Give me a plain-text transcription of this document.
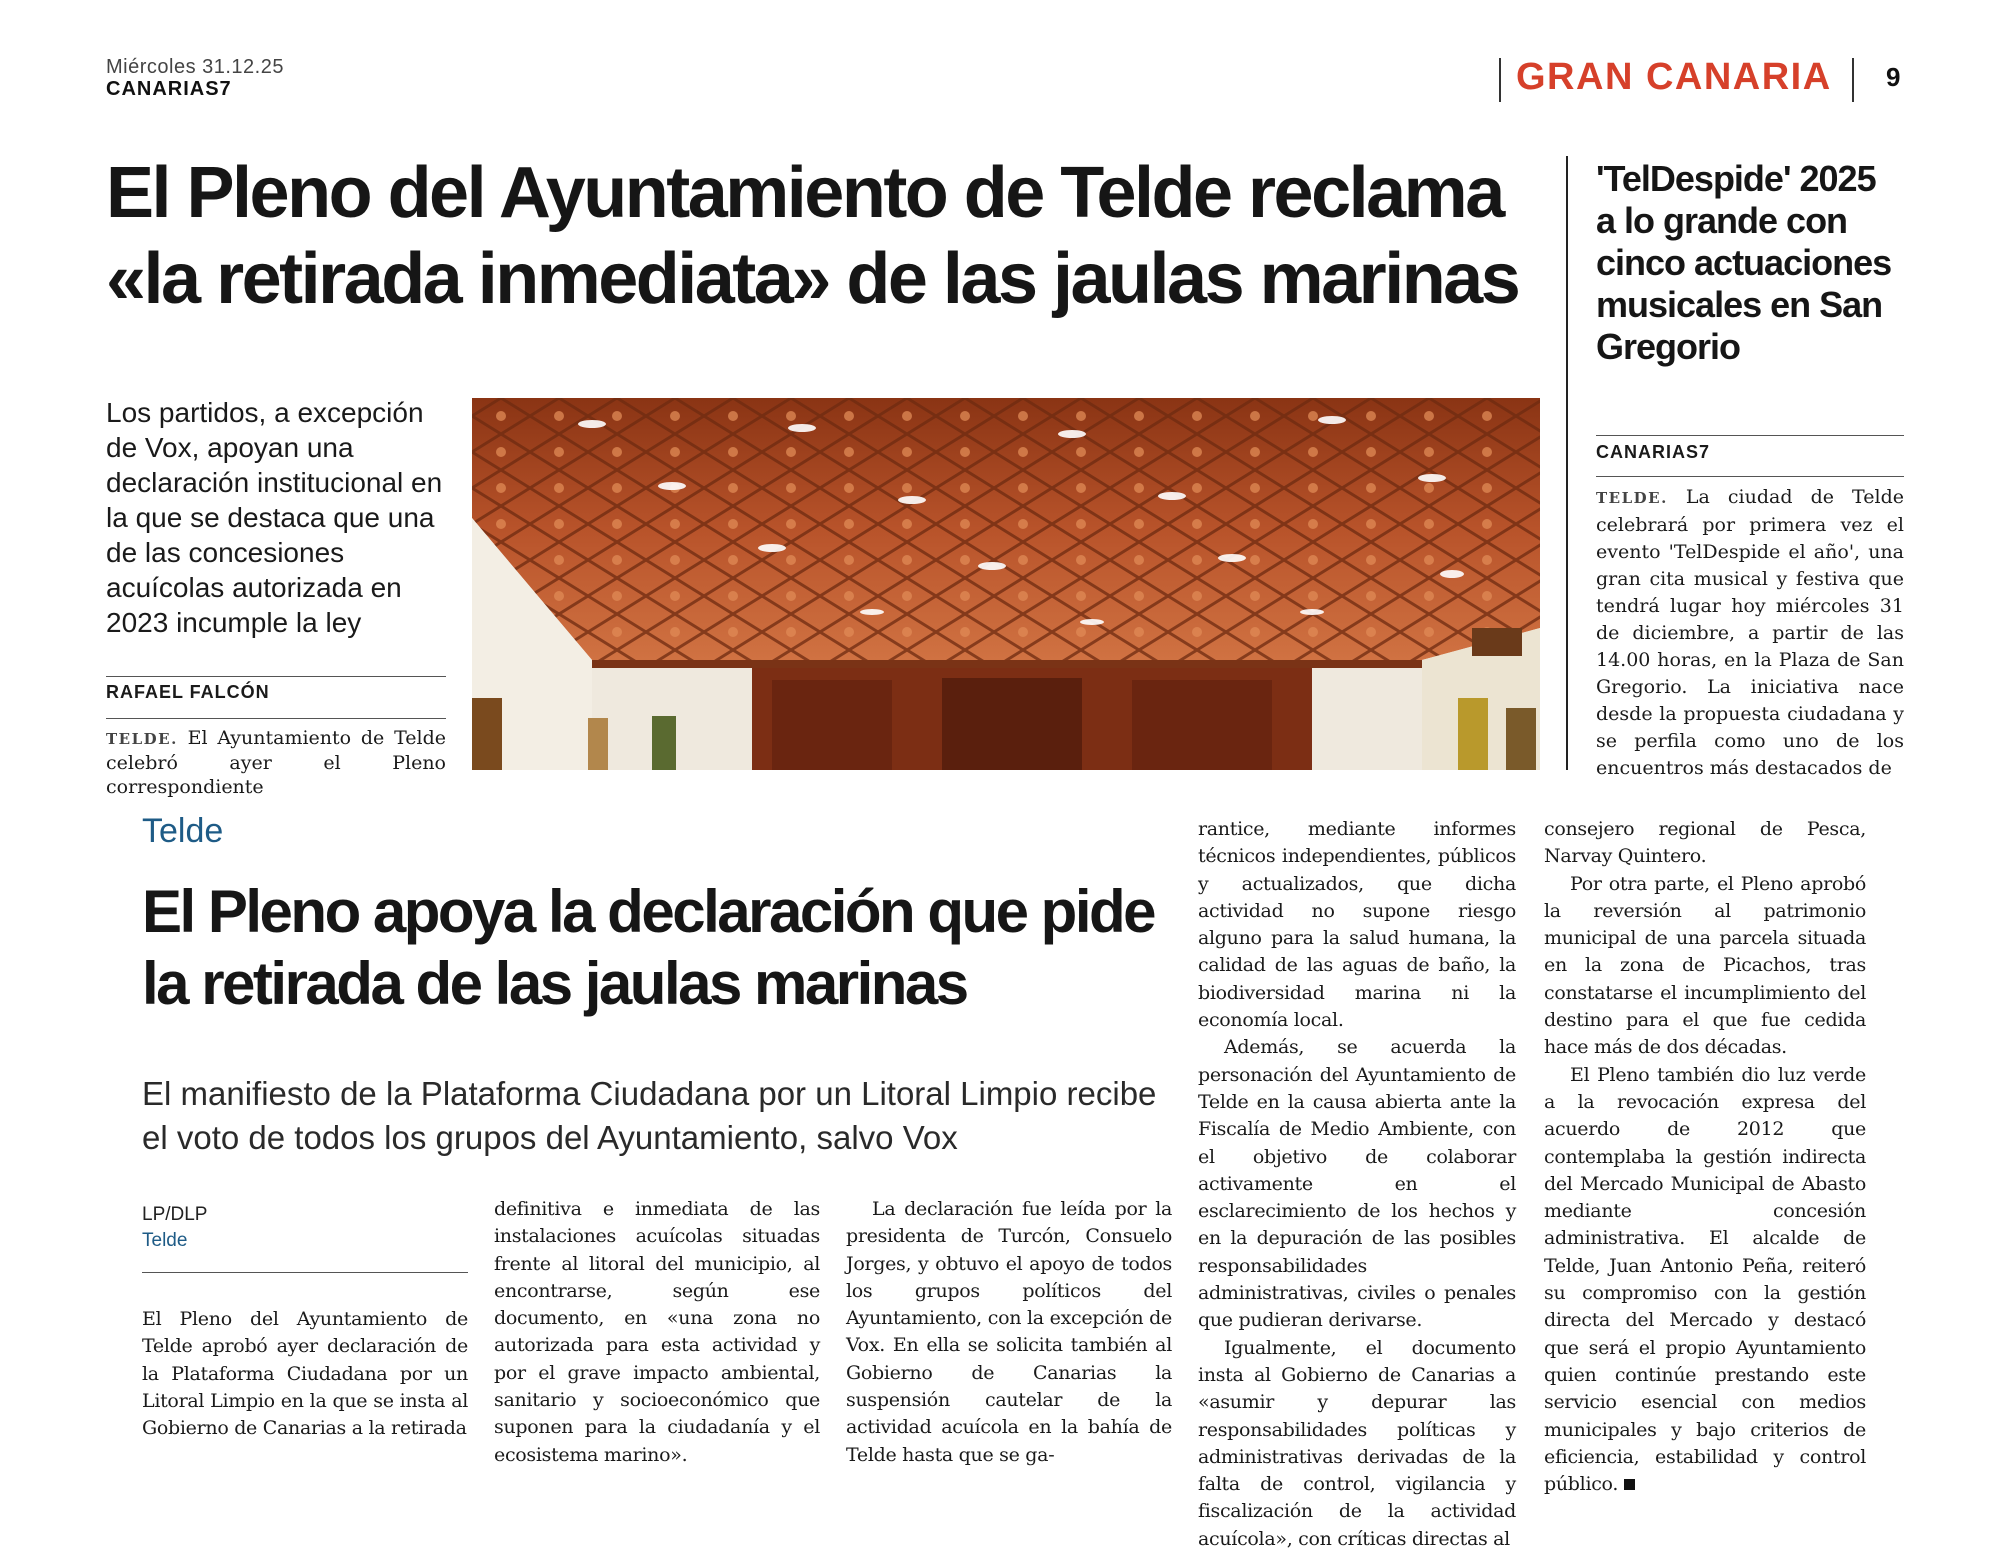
Miércoles 31.12.25
CANARIAS7	GRAN CANARIA 9
El Pleno del Ayuntamiento de Telde reclama «la retirada inmediata» de las jaulas marinas
Los partidos, a excepción de Vox, apoyan una declaración institucional en la que se destaca que una de las concesiones acuícolas autorizada en 2023 incumple la ley
RAFAEL FALCÓN
TELDE. El Ayuntamiento de Telde celebró ayer el Pleno correspondiente
'TelDespide' 2025 a lo grande con cinco actuaciones musicales en San Gregorio
CANARIAS7
TELDE. La ciudad de Telde celebrará por primera vez el evento 'TelDespide el año', una gran cita musical y festiva que tendrá lugar hoy miércoles 31 de diciembre, a partir de las 14.00 horas, en la Plaza de San Gregorio. La iniciativa nace desde la propuesta ciudadana y se perfila como uno de los encuentros más destacados de
Telde
El Pleno apoya la declaración que pide la retirada de las jaulas marinas
El manifiesto de la Plataforma Ciudadana por un Litoral Limpio recibe el voto de todos los grupos del Ayuntamiento, salvo Vox
LP/DLP
Telde

El Pleno del Ayuntamiento de Telde aprobó ayer declaración de la Plataforma Ciudadana por un Litoral Limpio en la que se insta al Gobierno de Canarias a la retirada

definitiva e inmediata de las instalaciones acuícolas situadas frente al litoral del municipio, al encontrarse, según ese documento, en «una zona no autorizada para esta actividad y por el grave impacto ambiental, sanitario y socioeconómico que suponen para la ciudadanía y el ecosistema marino».

La declaración fue leída por la presidenta de Turcón, Consuelo Jorges, y obtuvo el apoyo de todos los grupos políticos del Ayuntamiento, con la excepción de Vox. En ella se solicita también al Gobierno de Canarias la suspensión cautelar de la actividad acuícola en la bahía de Telde hasta que se ga-

rantice, mediante informes técnicos independientes, públicos y actualizados, que dicha actividad no supone riesgo alguno para la salud humana, la calidad de las aguas de baño, la biodiversidad marina ni la economía local.

Además, se acuerda la personación del Ayuntamiento de Telde en la causa abierta ante la Fiscalía de Medio Ambiente, con el objetivo de colaborar activamente en el esclarecimiento de los hechos y en la depuración de las posibles responsabilidades administrativas, civiles o penales que pudieran derivarse.

Igualmente, el documento insta al Gobierno de Canarias a «asumir y depurar las responsabilidades políticas y administrativas derivadas de la falta de control, vigilancia y fiscalización de la actividad acuícola», con críticas directas al

consejero regional de Pesca, Narvay Quintero.

Por otra parte, el Pleno aprobó la reversión al patrimonio municipal de una parcela situada en la zona de Picachos, tras constatarse el incumplimiento del destino para el que fue cedida hace más de dos décadas.

El Pleno también dio luz verde a la revocación expresa del acuerdo de 2012 que contemplaba la gestión indirecta del Mercado Municipal de Abasto mediante concesión administrativa. El alcalde de Telde, Juan Antonio Peña, reiteró su compromiso con la gestión directa del Mercado y destacó que será el propio Ayuntamiento quien continúe prestando este servicio esencial con medios municipales y bajo criterios de eficiencia, estabilidad y control público.
